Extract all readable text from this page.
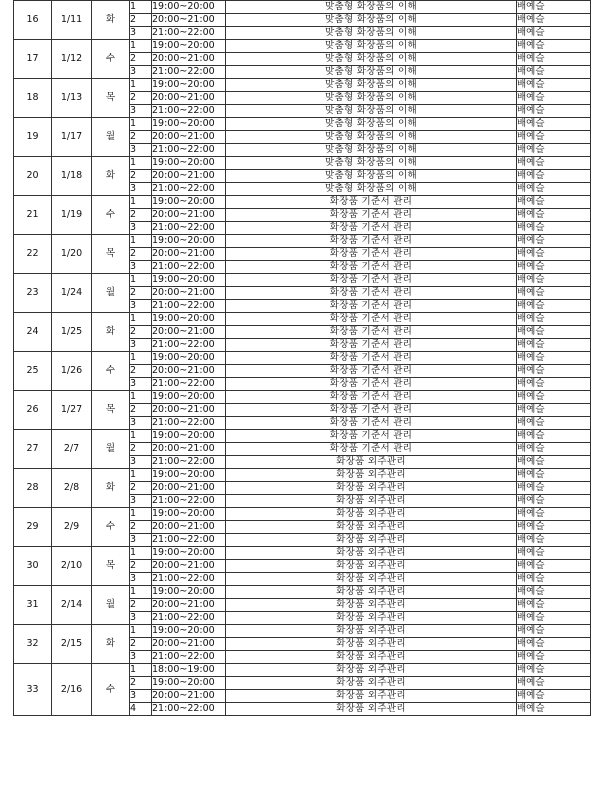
16	1/11	화	1	19:00~20:00	맞춤형 화장품의 이해	배예슬
			2	20:00~21:00	맞춤형 화장품의 이해	배예슬
			3	21:00~22:00	맞춤형 화장품의 이해	배예슬
17	1/12	수	1	19:00~20:00	맞춤형 화장품의 이해	배예슬
			2	20:00~21:00	맞춤형 화장품의 이해	배예슬
			3	21:00~22:00	맞춤형 화장품의 이해	배예슬
18	1/13	목	1	19:00~20:00	맞춤형 화장품의 이해	배예슬
			2	20:00~21:00	맞춤형 화장품의 이해	배예슬
			3	21:00~22:00	맞춤형 화장품의 이해	배예슬
19	1/17	월	1	19:00~20:00	맞춤형 화장품의 이해	배예슬
			2	20:00~21:00	맞춤형 화장품의 이해	배예슬
			3	21:00~22:00	맞춤형 화장품의 이해	배예슬
20	1/18	화	1	19:00~20:00	맞춤형 화장품의 이해	배예슬
			2	20:00~21:00	맞춤형 화장품의 이해	배예슬
			3	21:00~22:00	맞춤형 화장품의 이해	배예슬
21	1/19	수	1	19:00~20:00	화장품 기준서 관리	배예슬
			2	20:00~21:00	화장품 기준서 관리	배예슬
			3	21:00~22:00	화장품 기준서 관리	배예슬
22	1/20	목	1	19:00~20:00	화장품 기준서 관리	배예슬
			2	20:00~21:00	화장품 기준서 관리	배예슬
			3	21:00~22:00	화장품 기준서 관리	배예슬
23	1/24	월	1	19:00~20:00	화장품 기준서 관리	배예슬
			2	20:00~21:00	화장품 기준서 관리	배예슬
			3	21:00~22:00	화장품 기준서 관리	배예슬
24	1/25	화	1	19:00~20:00	화장품 기준서 관리	배예슬
			2	20:00~21:00	화장품 기준서 관리	배예슬
			3	21:00~22:00	화장품 기준서 관리	배예슬
25	1/26	수	1	19:00~20:00	화장품 기준서 관리	배예슬
			2	20:00~21:00	화장품 기준서 관리	배예슬
			3	21:00~22:00	화장품 기준서 관리	배예슬
26	1/27	목	1	19:00~20:00	화장품 기준서 관리	배예슬
			2	20:00~21:00	화장품 기준서 관리	배예슬
			3	21:00~22:00	화장품 기준서 관리	배예슬
27	2/7	월	1	19:00~20:00	화장품 기준서 관리	배예슬
			2	20:00~21:00	화장품 기준서 관리	배예슬
			3	21:00~22:00	화장품 외주관리	배예슬
28	2/8	화	1	19:00~20:00	화장품 외주관리	배예슬
			2	20:00~21:00	화장품 외주관리	배예슬
			3	21:00~22:00	화장품 외주관리	배예슬
29	2/9	수	1	19:00~20:00	화장품 외주관리	배예슬
			2	20:00~21:00	화장품 외주관리	배예슬
			3	21:00~22:00	화장품 외주관리	배예슬
30	2/10	목	1	19:00~20:00	화장품 외주관리	배예슬
			2	20:00~21:00	화장품 외주관리	배예슬
			3	21:00~22:00	화장품 외주관리	배예슬
31	2/14	월	1	19:00~20:00	화장품 외주관리	배예슬
			2	20:00~21:00	화장품 외주관리	배예슬
			3	21:00~22:00	화장품 외주관리	배예슬
32	2/15	화	1	19:00~20:00	화장품 외주관리	배예슬
			2	20:00~21:00	화장품 외주관리	배예슬
			3	21:00~22:00	화장품 외주관리	배예슬
33	2/16	수	1	18:00~19:00	화장품 외주관리	배예슬
			2	19:00~20:00	화장품 외주관리	배예슬
			3	20:00~21:00	화장품 외주관리	배예슬
			4	21:00~22:00	화장품 외주관리	배예슬
